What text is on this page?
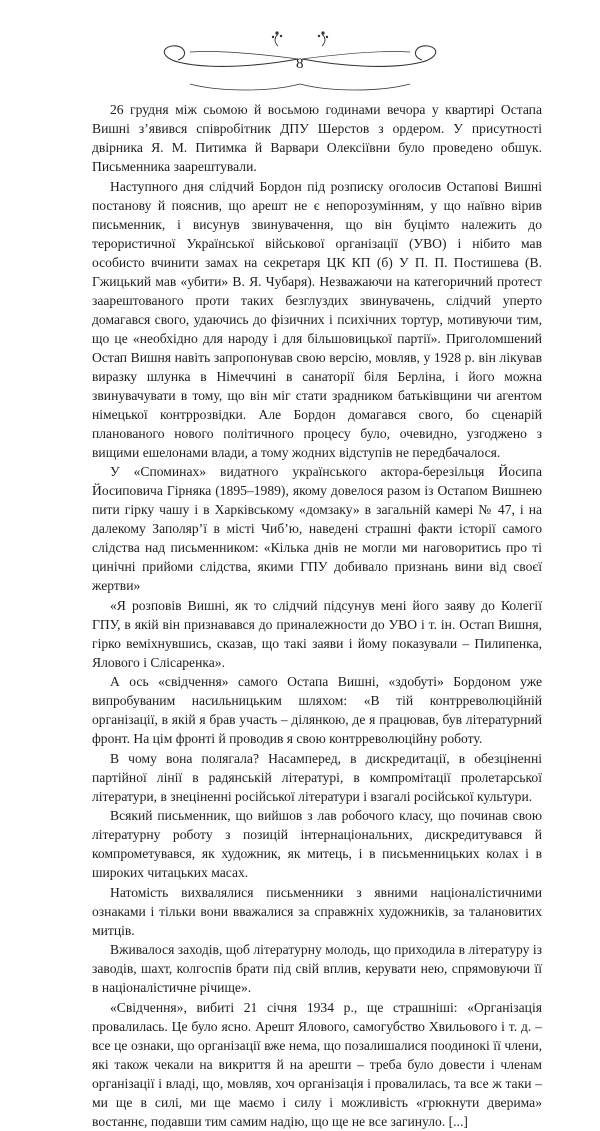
8

26 грудня між сьомою й восьмою годинами вечора у квартирі Остапа Вишні з’явився співробітник ДПУ Шерстов з ордером. У присутності двірника Я. М. Питимка й Варвари Олексіївни було проведено обшук. Письменника заарештували.

Наступного дня слідчий Бордон під розписку оголосив Остапові Вишні постанову й пояснив, що арешт не є непорозумінням, у що наївно вірив письменник, і висунув звинувачення, що він буцімто належить до терористичної Української військової організації (УВО) і нібито мав особисто вчинити замах на секретаря ЦК КП (б) У П. П. Постишева (В. Гжицький мав «убити» В. Я. Чубаря). Незважаючи на категоричний протест заарештованого проти таких безглуздих звинувачень, слідчий уперто домагався свого, удаючись до фізичних і психічних тортур, мотивуючи тим, що це «необхідно для народу і для більшовицької партії». Приголомшений Остап Вишня навіть запропонував свою версію, мовляв, у 1928 р. він лікував виразку шлунка в Німеччині в санаторії біля Берліна, і його можна звинувачувати в тому, що він міг стати зрадником батьківщини чи агентом німецької контррозвідки. Але Бордон домагався свого, бо сценарій планованого нового політичного процесу було, очевидно, узгоджено з вищими ешелонами влади, а тому жодних відступів не передбачалося.

У «Споминах» видатного українського актора-березільця Йосипа Йосиповича Гірняка (1895–1989), якому довелося разом із Остапом Вишнею пити гірку чашу і в Харківському «домзаку» в загальній камері № 47, і на далекому Заполяр’ї в місті Чиб’ю, наведені страшні факти історії самого слідства над письменником: «Кілька днів не могли ми наговоритись про ті цинічні прийоми слідства, якими ГПУ добивало признань вини від своєї жертви»

«Я розповів Вишні, як то слідчий підсунув мені його заяву до Колегії ГПУ, в якій він признавався до приналежности до УВО і т. ін. Остап Вишня, гірко веміхнувшись, сказав, що такі заяви і йому показували – Пилипенка, Ялового і Слісаренка».

А ось «свідчення» самого Остапа Вишні, «здобуті» Бордоном уже випробуваним насильницьким шляхом: «В тій контрреволюційній організації, в якій я брав участь – ділянкою, де я працював, був літературний фронт. На цім фронті й проводив я свою контрреволюційну роботу.

В чому вона полягала? Насамперед, в дискредитації, в обезціненні партійної лінії в радянській літературі, в компромітації пролетарської літератури, в знеціненні російської літератури і взагалі російської культури.

Всякий письменник, що вийшов з лав робочого класу, що починав свою літературну роботу з позицій інтернаціональних, дискредитувався й компрометувався, як художник, як митець, і в письменницьких колах і в широких читацьких масах.

Натомість вихвалялися письменники з явними націоналістичними ознаками і тільки вони вважалися за справжніх художників, за талановитих митців.

Вживалося заходів, щоб літературну молодь, що приходила в літературу із заводів, шахт, колгоспів брати під свій вплив, керувати нею, спрямовуючи її в націоналістичне річище».

«Свідчення», вибиті 21 січня 1934 р., ще страшніші: «Організація провалилась. Це було ясно. Арешт Ялового, самогубство Хвильового і т. д. – все це ознаки, що організації вже нема, що позалишалися поодинокі її члени, які також чекали на викриття й на арешти – треба було довести і членам організації і владі, що, мовляв, хоч організація і провалилась, та все ж таки – ми ще в силі, ми ще маємо і силу і можливість «грюкнути дверима» востаннє, подавши тим самим надію, що ще не все загинуло. [...]
